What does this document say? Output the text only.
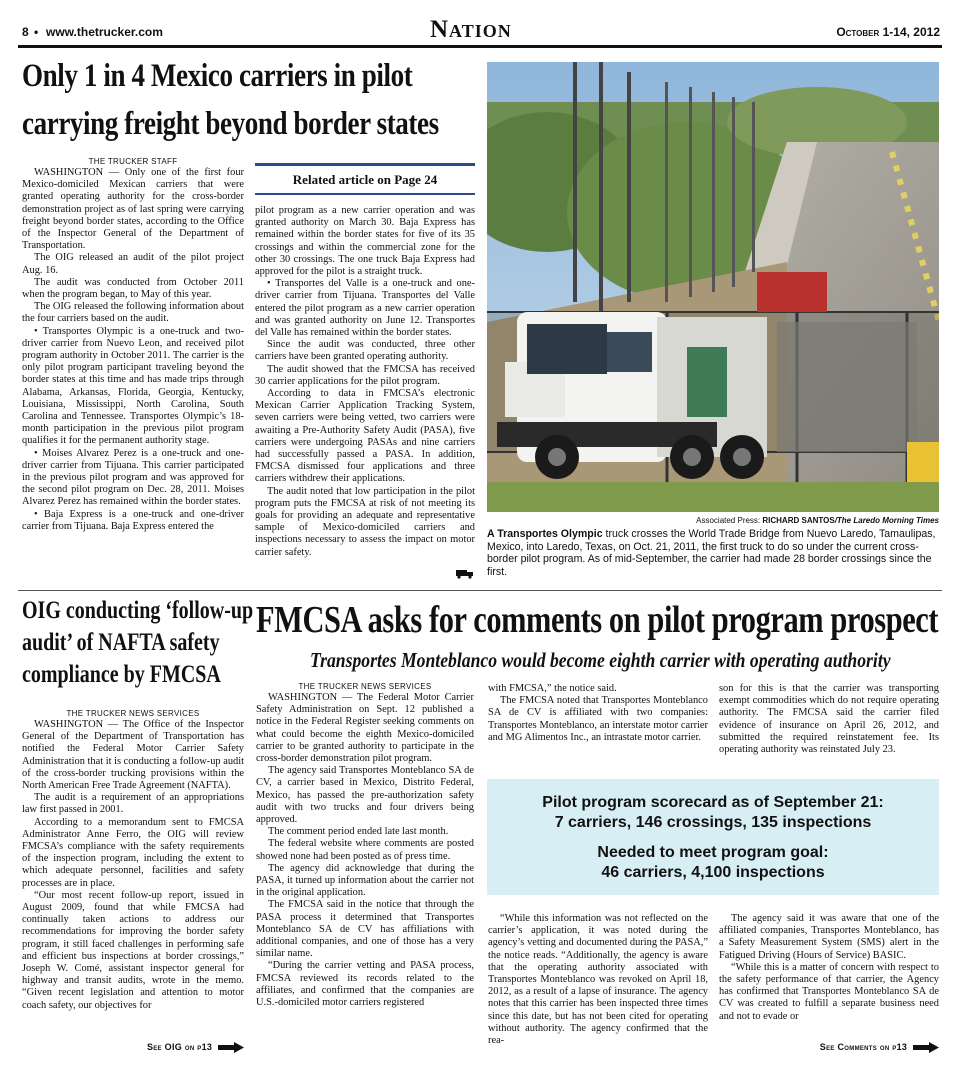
8 • www.thetrucker.com	Nation	October 1-14, 2012
Only 1 in 4 Mexico carriers in pilot
carrying freight beyond border states
THE TRUCKER STAFF

WASHINGTON — Only one of the first four Mexico-domiciled Mexican carriers that were granted operating authority for the cross-border demonstration project as of last spring were carrying freight beyond border states, according to the Office of the Inspector General of the Department of Transportation.

The OIG released an audit of the pilot project Aug. 16.

The audit was conducted from October 2011 when the program began, to May of this year.

The OIG released the following information about the four carriers based on the audit.

• Transportes Olympic is a one-truck and two-driver carrier from Nuevo Leon, and received pilot program authority in October 2011. The carrier is the only pilot program participant traveling beyond the border states at this time and has made trips through Alabama, Arkansas, Florida, Georgia, Kentucky, Louisiana, Mississippi, North Carolina, South Carolina and Tennessee. Transportes Olympic’s 18-month participation in the previous pilot program qualifies it for the permanent authority stage.

• Moises Alvarez Perez is a one-truck and one-driver carrier from Tijuana. This carrier participated in the previous pilot program and was approved for the second pilot program on Dec. 28, 2011. Moises Alvarez Perez has remained within the border states.

• Baja Express is a one-truck and one-driver carrier from Tijuana. Baja Express entered the

Related article on Page 24

pilot program as a new carrier operation and was granted authority on March 30. Baja Express has remained within the border states for five of its 35 crossings and within the commercial zone for the other 30 crossings. The one truck Baja Express had approved for the pilot is a straight truck.

• Transportes del Valle is a one-truck and one-driver carrier from Tijuana. Transportes del Valle entered the pilot program as a new carrier operation and was granted authority on June 12. Transportes del Valle has remained within the border states.

Since the audit was conducted, three other carriers have been granted operating authority.

The audit showed that the FMCSA has received 30 carrier applications for the pilot program.

According to data in FMCSA’s electronic Mexican Carrier Application Tracking System, seven carriers were being vetted, two carriers were awaiting a Pre-Authority Safety Audit (PASA), five carriers were undergoing PASAs and nine carriers had successfully passed a PASA. In addition, FMCSA dismissed four applications and three carriers withdrew their applications.

The audit noted that low participation in the pilot program puts the FMCSA at risk of not meeting its goals for providing an adequate and representative sample of Mexico-domiciled carriers and inspections necessary to assess the impact on motor carrier safety.

Associated Press: RICHARD SANTOS/The Laredo Morning Times
A Transportes Olympic truck crosses the World Trade Bridge from Nuevo Laredo, Tamaulipas, Mexico, into Laredo, Texas, on Oct. 21, 2011, the first truck to do so under the current cross-border pilot program. As of mid-September, the carrier had made 28 border crossings since the first.
OIG conducting ‘follow-up
audit’ of NAFTA safety
compliance by FMCSA
THE TRUCKER NEWS SERVICES

WASHINGTON — The Office of the Inspector General of the Department of Transportation has notified the Federal Motor Carrier Safety Administration that it is conducting a follow-up audit of the cross-border trucking provisions within the North American Free Trade Agreement (NAFTA).

The audit is a requirement of an appropriations law first passed in 2001.

According to a memorandum sent to FMCSA Administrator Anne Ferro, the OIG will review FMCSA’s compliance with the safety requirements of the inspection program, including the extent to which adequate personnel, facilities and safety processes are in place.

“Our most recent follow-up report, issued in August 2009, found that while FMCSA had continually taken actions to address our recommendations for improving the border safety program, it still faced challenges in performing safe and efficient bus inspections at border crossings,” Joseph W. Comé, assistant inspector general for highway and transit audits, wrote in the memo. “Given recent legislation and attention to motor coach safety, our objectives for

See OIG on p13
FMCSA asks for comments on pilot program prospect
Transportes Monteblanco would become eighth carrier with operating authority
THE TRUCKER NEWS SERVICES

WASHINGTON — The Federal Motor Carrier Safety Administration on Sept. 12 published a notice in the Federal Register seeking comments on what could become the eighth Mexico-domiciled carrier to be granted authority to participate in the cross-border demonstration pilot program.

The agency said Transportes Monteblanco SA de CV, a carrier based in Mexico, Distrito Federal, Mexico, has passed the pre-authorization safety audit with two trucks and four drivers being approved.

The comment period ended late last month.

The federal website where comments are posted showed none had been posted as of press time.

The agency did acknowledge that during the PASA, it turned up information about the carrier not in the original application.

The FMCSA said in the notice that through the PASA process it determined that Transportes Monteblanco SA de CV has affiliations with additional companies, and one of those has a very similar name.

“During the carrier vetting and PASA process, FMCSA reviewed its records related to the affiliates, and confirmed that the companies are U.S.-domiciled motor carriers registered

with FMCSA,” the notice said.

The FMCSA noted that Transportes Monteblanco SA de CV is affiliated with two companies: Transportes Monteblanco, an interstate motor carrier and MG Alimentos Inc., an intrastate motor carrier.

son for this is that the carrier was transporting exempt commodities which do not require operating authority. The FMCSA said the carrier filed evidence of insurance on April 26, 2012, and submitted the required reinstatement fee. Its operating authority was reinstated July 23.

Pilot program scorecard as of September 21:
7 carriers, 146 crossings, 135 inspections
Needed to meet program goal:
46 carriers, 4,100 inspections

“While this information was not reflected on the carrier’s application, it was noted during the agency’s vetting and documented during the PASA,” the notice reads. “Additionally, the agency is aware that the operating authority associated with Transportes Monteblanco was revoked on April 18, 2012, as a result of a lapse of insurance. The agency notes that this carrier has been inspected three times since this date, but has not been cited for operating without authority. The agency confirmed that the rea-

The agency said it was aware that one of the affiliated companies, Transportes Monteblanco, has a Safety Measurement System (SMS) alert in the Fatigued Driving (Hours of Service) BASIC.

“While this is a matter of concern with respect to the safety performance of that carrier, the Agency has confirmed that Transportes Monteblanco SA de CV was created to fulfill a separate business need and not to evade or

See Comments on p13
